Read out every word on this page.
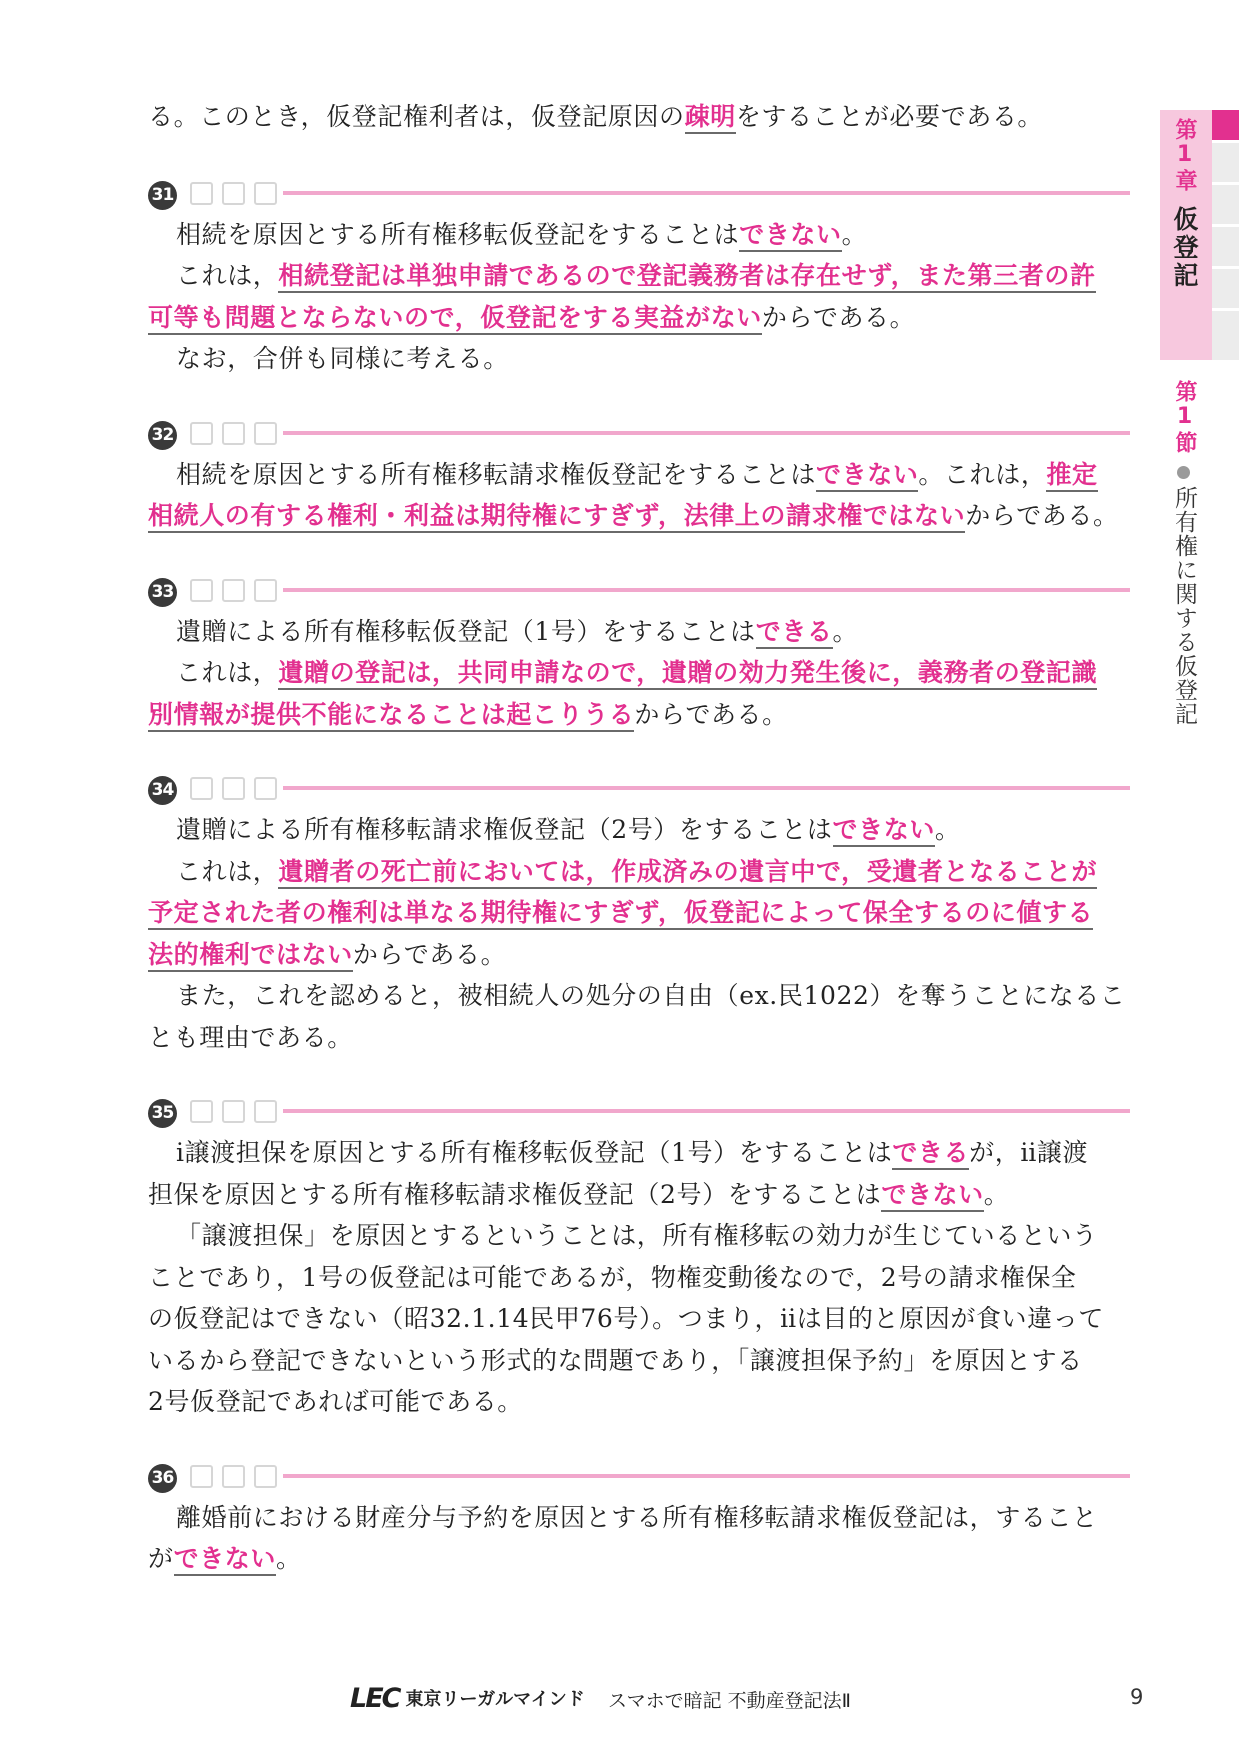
第1章
仮登記
第1節
所有権に関する仮登記
る。このとき，仮登記権利者は，仮登記原因の疎明をすることが必要である。
31
相続を原因とする所有権移転仮登記をすることはできない。
これは，相続登記は単独申請であるので登記義務者は存在せず，また第三者の許
可等も問題とならないので，仮登記をする実益がないからである。
なお，合併も同様に考える。
32
相続を原因とする所有権移転請求権仮登記をすることはできない。これは，推定
相続人の有する権利・利益は期待権にすぎず，法律上の請求権ではないからである。
33
遺贈による所有権移転仮登記（1号）をすることはできる。
これは，遺贈の登記は，共同申請なので，遺贈の効力発生後に，義務者の登記識
別情報が提供不能になることは起こりうるからである。
34
遺贈による所有権移転請求権仮登記（2号）をすることはできない。
これは，遺贈者の死亡前においては，作成済みの遺言中で，受遺者となることが
予定された者の権利は単なる期待権にすぎず，仮登記によって保全するのに値する
法的権利ではないからである。
また，これを認めると，被相続人の処分の自由（ex.民1022）を奪うことになるこ
とも理由である。
35
ⅰ譲渡担保を原因とする所有権移転仮登記（1号）をすることはできるが，ⅱ譲渡
担保を原因とする所有権移転請求権仮登記（2号）をすることはできない。
「譲渡担保」を原因とするということは，所有権移転の効力が生じているという
ことであり，1号の仮登記は可能であるが，物権変動後なので，2号の請求権保全
の仮登記はできない（昭32.1.14民甲76号）。つまり，ⅱは目的と原因が食い違って
いるから登記できないという形式的な問題であり，「譲渡担保予約」を原因とする
2号仮登記であれば可能である。
36
離婚前における財産分与予約を原因とする所有権移転請求権仮登記は，すること
ができない。
LEC 東京リーガルマインド スマホで暗記 不動産登記法Ⅱ	9
